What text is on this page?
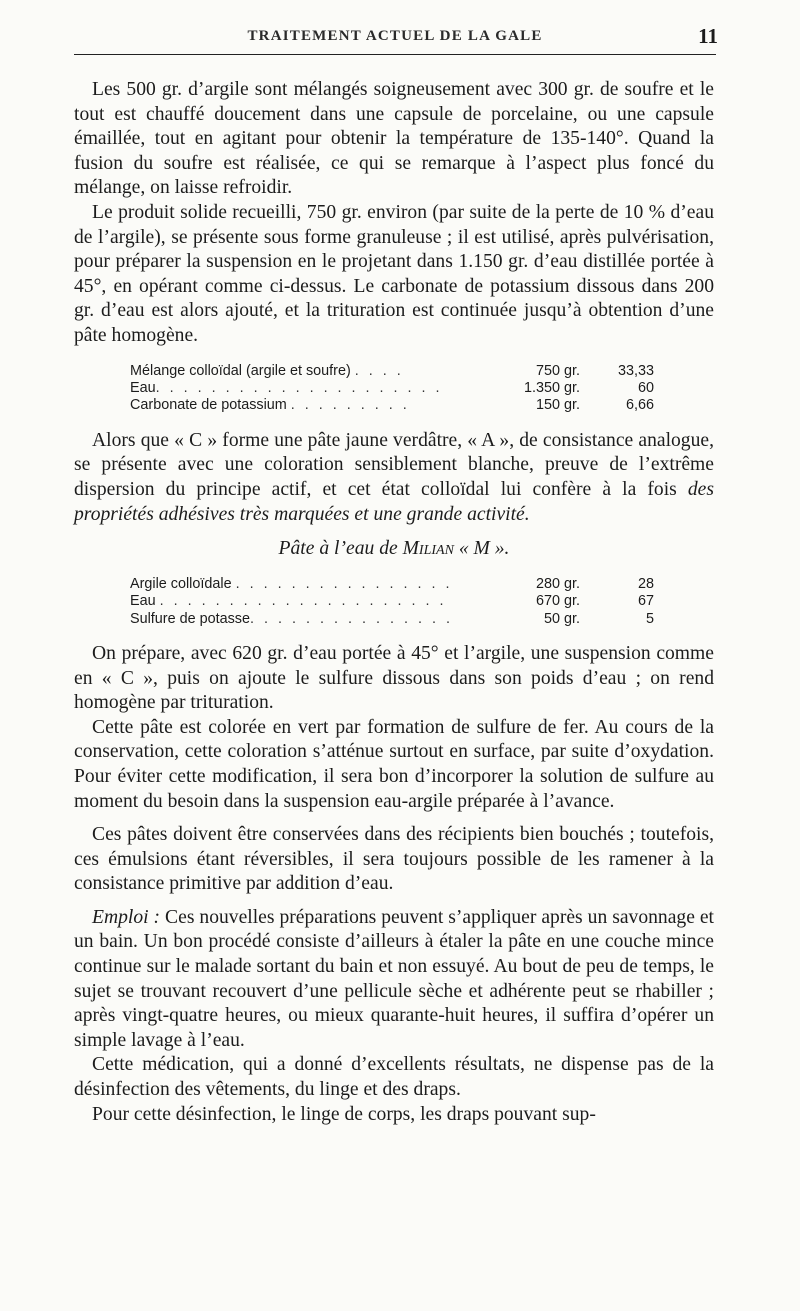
TRAITEMENT ACTUEL DE LA GALE	11

Les 500 gr. d’argile sont mélangés soigneusement avec 300 gr. de soufre et le tout est chauffé doucement dans une capsule de porcelaine, ou une capsule émaillée, tout en agitant pour obtenir la température de 135-140°. Quand la fusion du soufre est réalisée, ce qui se remarque à l’aspect plus foncé du mélange, on laisse refroidir.

Le produit solide recueilli, 750 gr. environ (par suite de la perte de 10 % d’eau de l’argile), se présente sous forme granuleuse ; il est utilisé, après pulvérisation, pour préparer la suspension en le projetant dans 1.150 gr. d’eau distillée portée à 45°, en opérant comme ci-dessus. Le carbonate de potassium dissous dans 200 gr. d’eau est alors ajouté, et la trituration est continuée jusqu’à obtention d’une pâte homogène.

Mélange colloïdal (argile et soufre) . . . .	750 gr.	33,33
Eau. . . . . . . . . . . . . . . . . . . . .	1.350 gr.	60
Carbonate de potassium . . . . . . . . .	150 gr.	6,66

Alors que « C » forme une pâte jaune verdâtre, « A », de consistance analogue, se présente avec une coloration sensiblement blanche, preuve de l’extrême dispersion du principe actif, et cet état colloïdal lui confère à la fois des propriétés adhésives très marquées et une grande activité.

Pâte à l’eau de Milian « M ».
Argile colloïdale . . . . . . . . . . . . . . . .	280 gr.	28
Eau . . . . . . . . . . . . . . . . . . . . .	670 gr.	67
Sulfure de potasse. . . . . . . . . . . . . . .	50 gr.	5

On prépare, avec 620 gr. d’eau portée à 45° et l’argile, une suspension comme en « C », puis on ajoute le sulfure dissous dans son poids d’eau ; on rend homogène par trituration.

Cette pâte est colorée en vert par formation de sulfure de fer. Au cours de la conservation, cette coloration s’atténue surtout en surface, par suite d’oxydation. Pour éviter cette modification, il sera bon d’incorporer la solution de sulfure au moment du besoin dans la suspension eau-argile préparée à l’avance.

Ces pâtes doivent être conservées dans des récipients bien bouchés ; toutefois, ces émulsions étant réversibles, il sera toujours possible de les ramener à la consistance primitive par addition d’eau.

Emploi : Ces nouvelles préparations peuvent s’appliquer après un savonnage et un bain. Un bon procédé consiste d’ailleurs à étaler la pâte en une couche mince continue sur le malade sortant du bain et non essuyé. Au bout de peu de temps, le sujet se trouvant recouvert d’une pellicule sèche et adhérente peut se rhabiller ; après vingt-quatre heures, ou mieux quarante-huit heures, il suffira d’opérer un simple lavage à l’eau.

Cette médication, qui a donné d’excellents résultats, ne dispense pas de la désinfection des vêtements, du linge et des draps.

Pour cette désinfection, le linge de corps, les draps pouvant sup-
